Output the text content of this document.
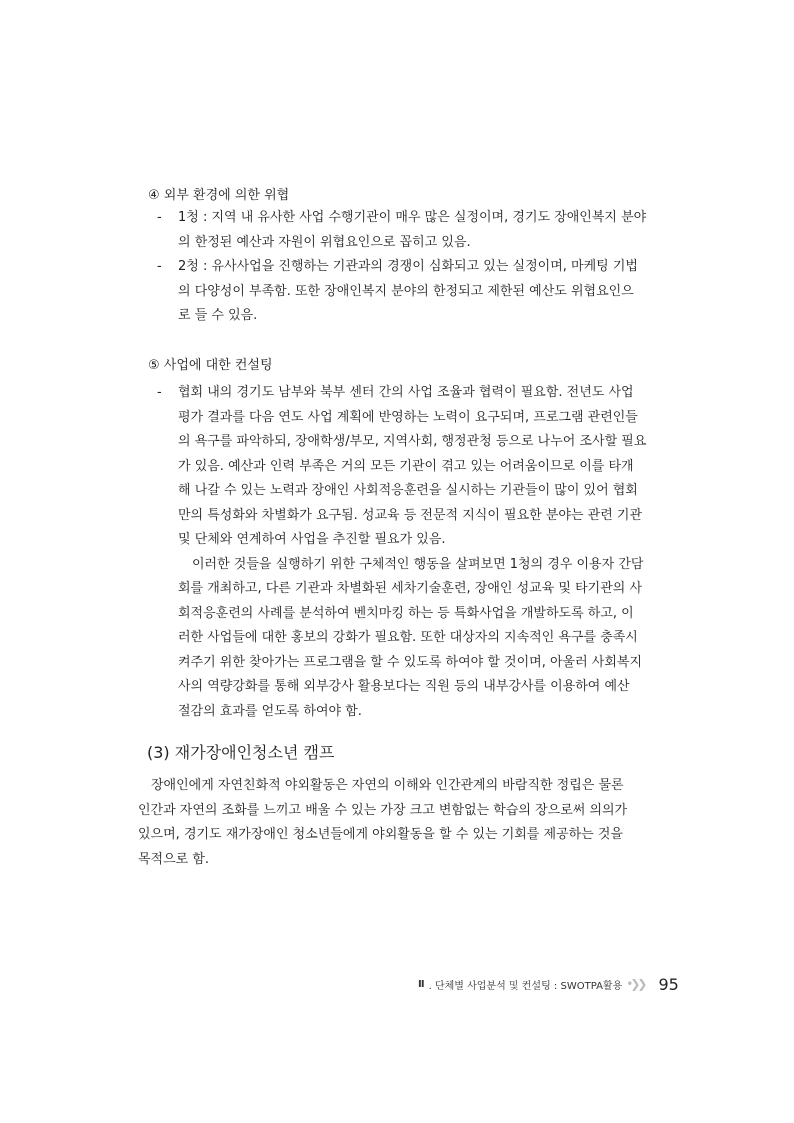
④ 외부 환경에 의한 위협
- 1청 : 지역 내 유사한 사업 수행기관이 매우 많은 실정이며, 경기도 장애인복지 분야
의 한정된 예산과 자원이 위협요인으로 꼽히고 있음.
- 2청 : 유사사업을 진행하는 기관과의 경쟁이 심화되고 있는 실정이며, 마케팅 기법
의 다양성이 부족함. 또한 장애인복지 분야의 한정되고 제한된 예산도 위협요인으
로 들 수 있음.
⑤ 사업에 대한 컨설팅
- 협회 내의 경기도 남부와 북부 센터 간의 사업 조율과 협력이 필요함. 전년도 사업
평가 결과를 다음 연도 사업 계획에 반영하는 노력이 요구되며, 프로그램 관련인들
의 욕구를 파악하되, 장애학생/부모, 지역사회, 행정관청 등으로 나누어 조사할 필요
가 있음. 예산과 인력 부족은 거의 모든 기관이 겪고 있는 어려움이므로 이를 타개
해 나갈 수 있는 노력과 장애인 사회적응훈련을 실시하는 기관들이 많이 있어 협회
만의 특성화와 차별화가 요구됨. 성교육 등 전문적 지식이 필요한 분야는 관련 기관
및 단체와 연계하여 사업을 추진할 필요가 있음.
이러한 것들을 실행하기 위한 구체적인 행동을 살펴보면 1청의 경우 이용자 간담
회를 개최하고, 다른 기관과 차별화된 세차기술훈련, 장애인 성교육 및 타기관의 사
회적응훈련의 사례를 분석하여 벤치마킹 하는 등 특화사업을 개발하도록 하고, 이
러한 사업들에 대한 홍보의 강화가 필요함. 또한 대상자의 지속적인 욕구를 충족시
켜주기 위한 찾아가는 프로그램을 할 수 있도록 하여야 할 것이며, 아울러 사회복지
사의 역량강화를 통해 외부강사 활용보다는 직원 등의 내부강사를 이용하여 예산
절감의 효과를 얻도록 하여야 함.
(3) 재가장애인청소년 캠프
장애인에게 자연친화적 야외활동은 자연의 이해와 인간관계의 바람직한 정립은 물론
인간과 자연의 조화를 느끼고 배울 수 있는 가장 크고 변함없는 학습의 장으로써 의의가
있으며, 경기도 재가장애인 청소년들에게 야외활동을 할 수 있는 기회를 제공하는 것을
목적으로 함.
Ⅱ . 단체별 사업분석 및 컨설팅 : SWOTPA활용 •❯❯ 95
